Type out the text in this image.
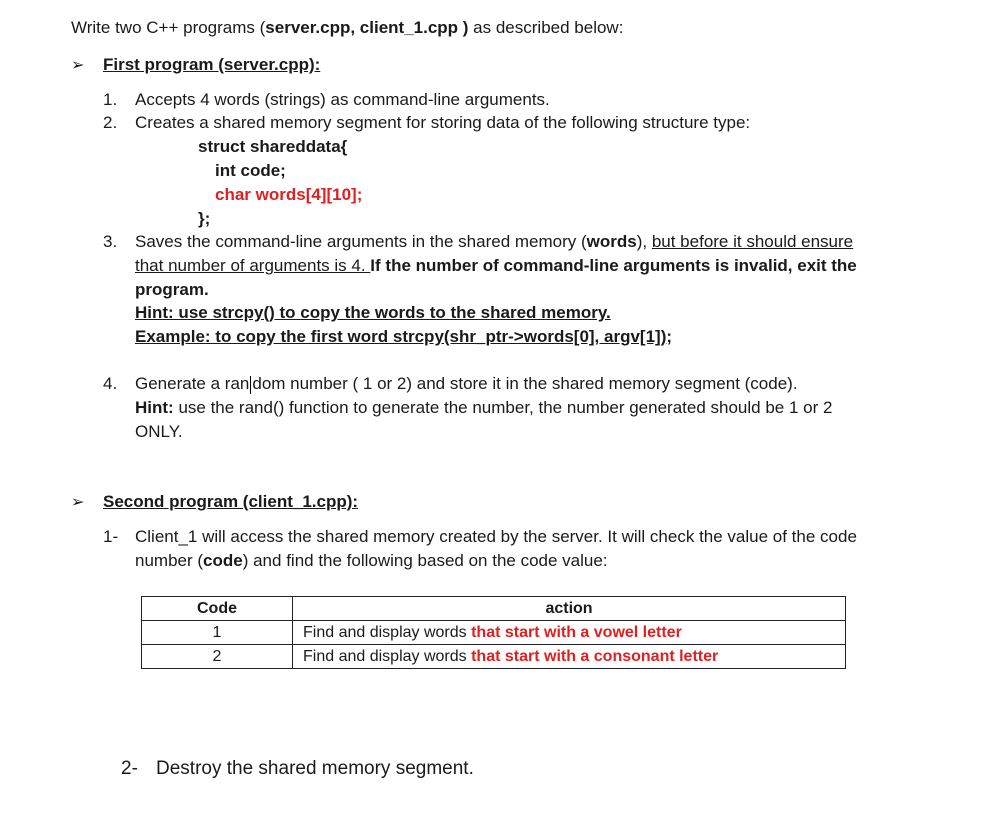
Write two C++ programs (server.cpp, client_1.cpp ) as described below:
➢ First program (server.cpp):
1. Accepts 4 words (strings) as command-line arguments.
2. Creates a shared memory segment for storing data of the following structure type:
struct shareddata{
int code;
char words[4][10];
};
3. Saves the command-line arguments in the shared memory (words), but before it should ensure
that number of arguments is 4. If the number of command-line arguments is invalid, exit the
program.
Hint: use strcpy() to copy the words to the shared memory.
Example: to copy the first word strcpy(shr_ptr->words[0], argv[1]);
4. Generate a ran dom number ( 1 or 2) and store it in the shared memory segment (code).
Hint: use the rand() function to generate the number, the number generated should be 1 or 2
ONLY.
➢ Second program (client_1.cpp):
1- Client_1 will access the shared memory created by the server. It will check the value of the code
number (code) and find the following based on the code value:
Code	action
1	Find and display words that start with a vowel letter
2	Find and display words that start with a consonant letter
2- Destroy the shared memory segment.
